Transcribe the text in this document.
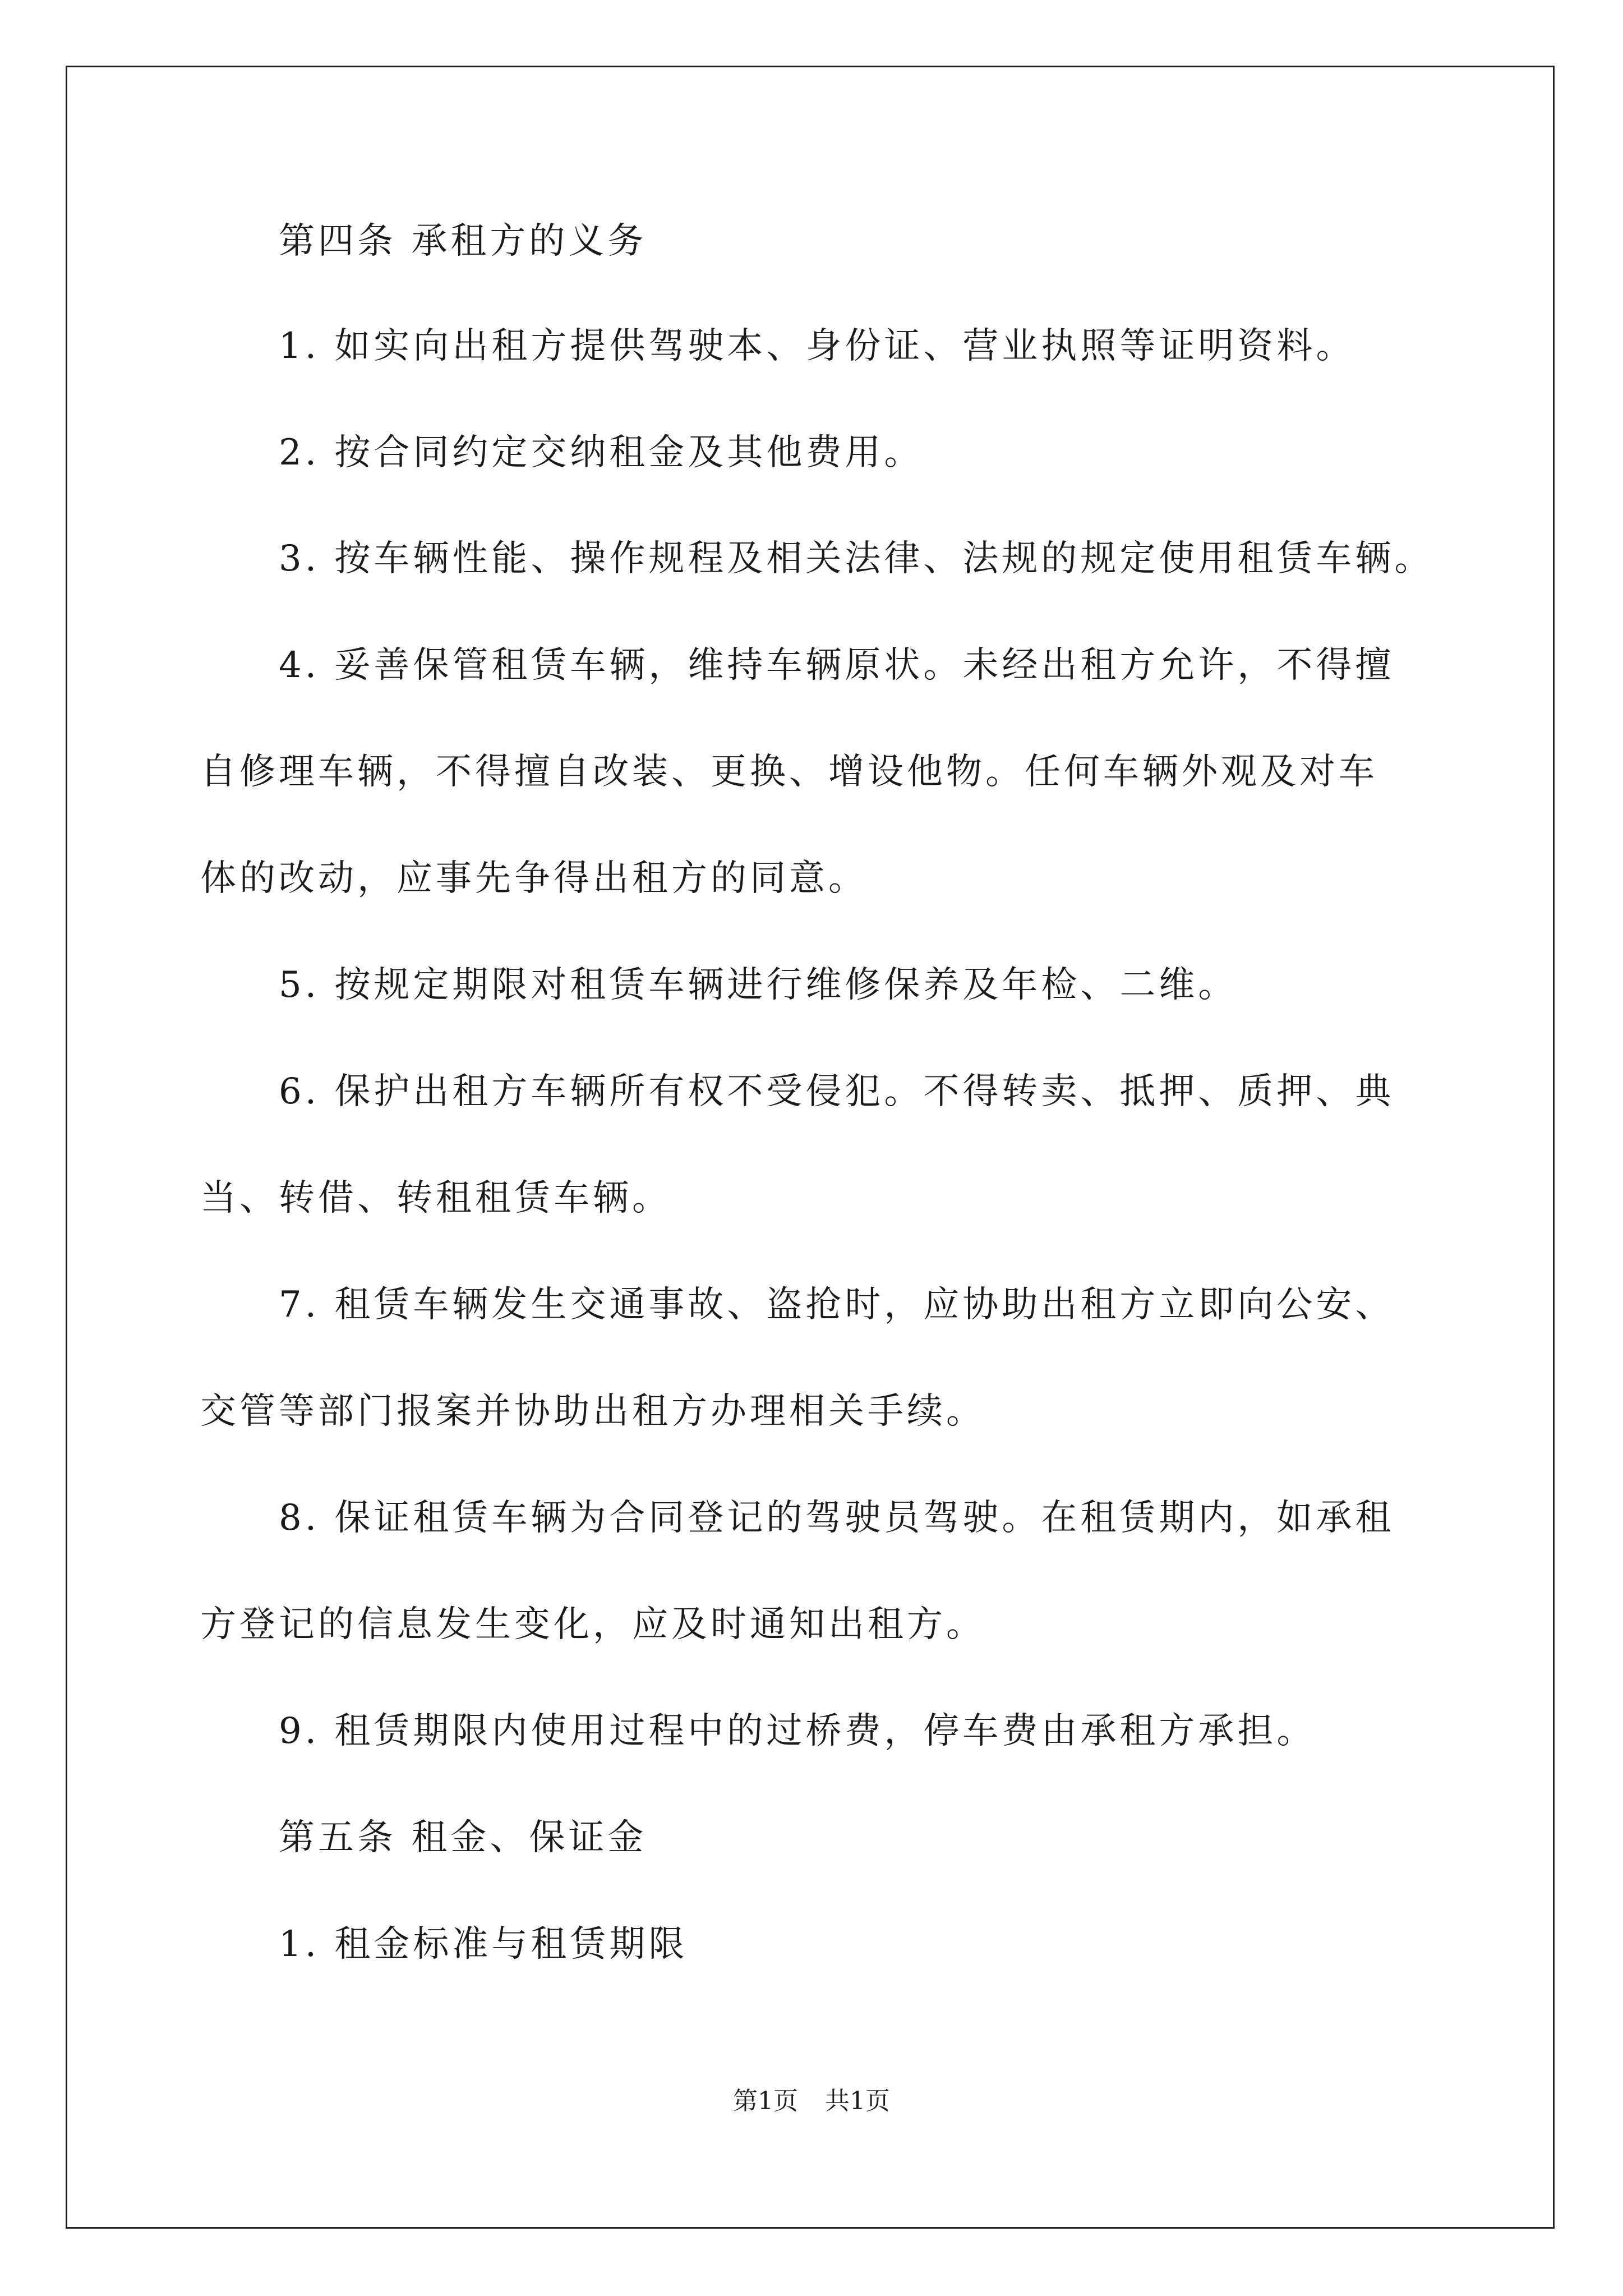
第四条 承租方的义务
1. 如实向出租方提供驾驶本、身份证、营业执照等证明资料。
2. 按合同约定交纳租金及其他费用。
3. 按车辆性能、操作规程及相关法律、法规的规定使用租赁车辆。
4. 妥善保管租赁车辆，维持车辆原状。未经出租方允许，不得擅
自修理车辆，不得擅自改装、更换、增设他物。任何车辆外观及对车
体的改动，应事先争得出租方的同意。
5. 按规定期限对租赁车辆进行维修保养及年检、二维。
6. 保护出租方车辆所有权不受侵犯。不得转卖、抵押、质押、典
当、转借、转租租赁车辆。
7. 租赁车辆发生交通事故、盗抢时，应协助出租方立即向公安、
交管等部门报案并协助出租方办理相关手续。
8. 保证租赁车辆为合同登记的驾驶员驾驶。在租赁期内，如承租
方登记的信息发生变化，应及时通知出租方。
9. 租赁期限内使用过程中的过桥费，停车费由承租方承担。
第五条 租金、保证金
1. 租金标准与租赁期限
第1页 共1页
